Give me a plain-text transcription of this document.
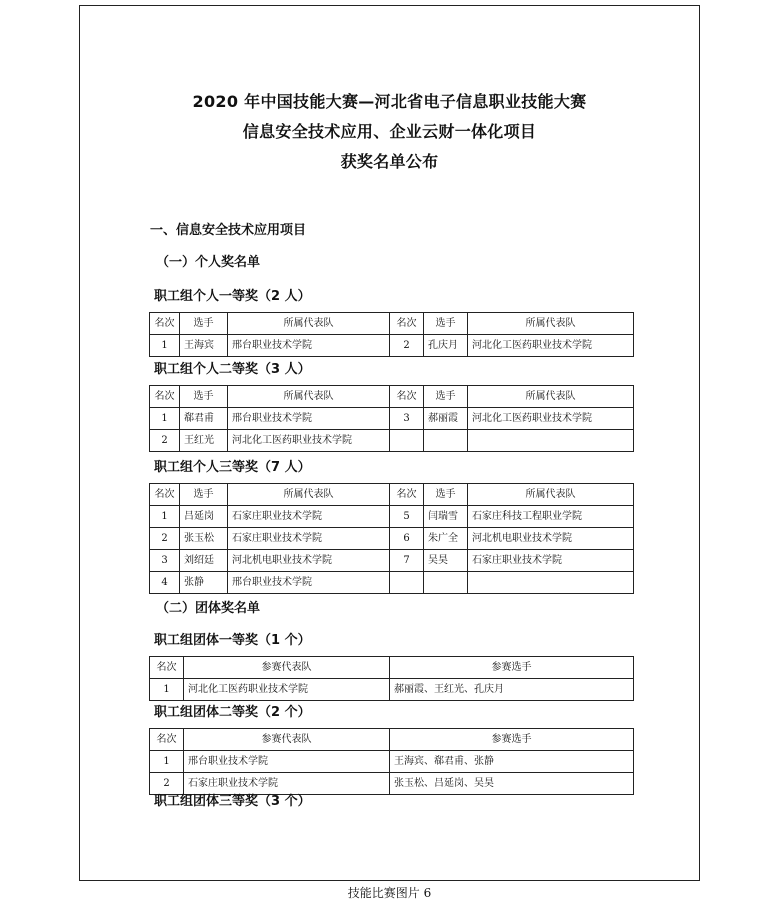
2020 年中国技能大赛—河北省电子信息职业技能大赛
信息安全技术应用、企业云财一体化项目
获奖名单公布
一、信息安全技术应用项目
（一）个人奖名单
职工组个人一等奖（2 人）
名次	选手	所属代表队	名次	选手	所属代表队
1	王海宾	邢台职业技术学院	2	孔庆月	河北化工医药职业技术学院
职工组个人二等奖（3 人）
名次	选手	所属代表队	名次	选手	所属代表队
1	郗君甫	邢台职业技术学院	3	郝丽霞	河北化工医药职业技术学院
2	王红光	河北化工医药职业技术学院			
职工组个人三等奖（7 人）
名次	选手	所属代表队	名次	选手	所属代表队
1	吕延岗	石家庄职业技术学院	5	闫瑞雪	石家庄科技工程职业学院
2	张玉松	石家庄职业技术学院	6	朱广全	河北机电职业技术学院
3	刘绍廷	河北机电职业技术学院	7	吴昊	石家庄职业技术学院
4	张静	邢台职业技术学院			
（二）团体奖名单
职工组团体一等奖（1 个）
名次	参赛代表队	参赛选手
1	河北化工医药职业技术学院	郝丽霞、王红光、孔庆月
职工组团体二等奖（2 个）
名次	参赛代表队	参赛选手
1	邢台职业技术学院	王海宾、郗君甫、张静
2	石家庄职业技术学院	张玉松、吕延岗、吴昊
职工组团体三等奖（3 个）
技能比赛图片 6
